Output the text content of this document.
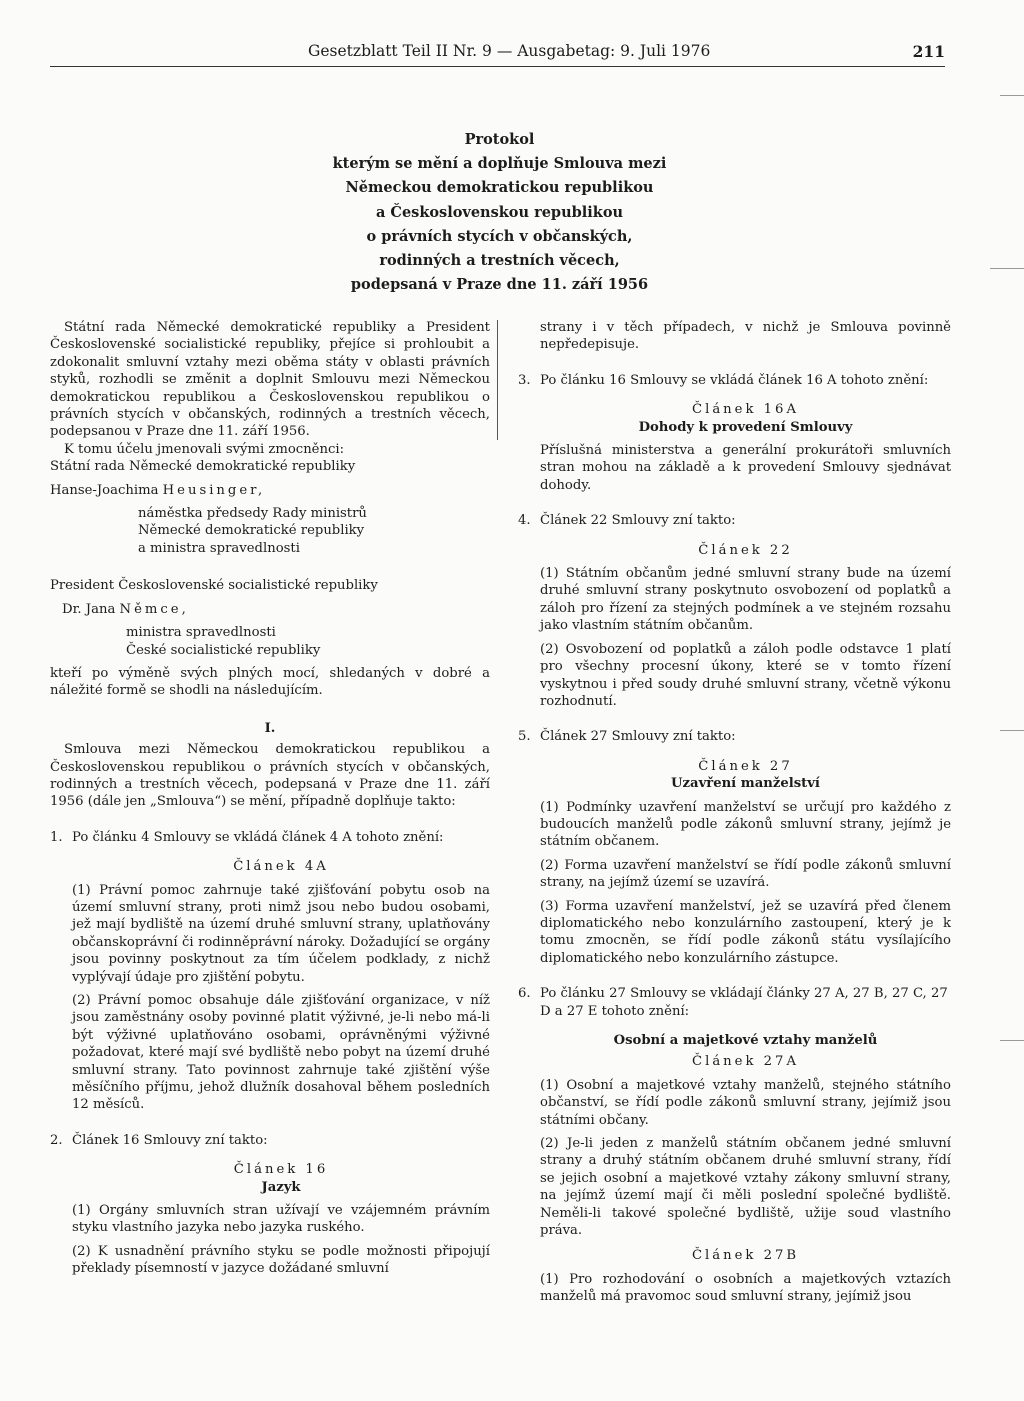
Gesetzblatt Teil II Nr. 9 — Ausgabetag: 9. Juli 1976	211
Protokol
kterým se mění a doplňuje Smlouva mezi
Německou demokratickou republikou
a Československou republikou
o právních stycích v občanských,
rodinných a trestních věcech,
podepsaná v Praze dne 11. září 1956

Státní rada Německé demokratické republiky a President Československé socialistické republiky, přejíce si prohloubit a zdokonalit smluvní vztahy mezi oběma státy v oblasti právních styků, rozhodli se změnit a doplnit Smlouvu mezi Německou demokratickou republikou a Československou republikou o právních stycích v občanských, rodinných a trestních věcech, podepsanou v Praze dne 11. září 1956.

K tomu účelu jmenovali svými zmocněnci:

Státní rada Německé demokratické republiky

Hanse-Joachima Heusinger,

náměstka předsedy Rady ministrů
Německé demokratické republiky
a ministra spravedlnosti

President Československé socialistické republiky

Dr. Jana Němce,

ministra spravedlnosti
České socialistické republiky

kteří po výměně svých plných mocí, shledaných v dobré a náležité formě se shodli na následujícím.

I.

Smlouva mezi Německou demokratickou republikou a Československou republikou o právních stycích v občanských, rodinných a trestních věcech, podepsaná v Praze dne 11. září 1956 (dále jen „Smlouva“) se mění, případně doplňuje takto:

1. Po článku 4 Smlouvy se vkládá článek 4 A tohoto znění:
Článek 4A

(1) Právní pomoc zahrnuje také zjišťování pobytu osob na území smluvní strany, proti nimž jsou nebo budou osobami, jež mají bydliště na území druhé smluvní strany, uplatňovány občanskoprávní či rodinněprávní nároky. Dožadující se orgány jsou povinny poskytnout za tím účelem podklady, z nichž vyplývají údaje pro zjištění pobytu.

(2) Právní pomoc obsahuje dále zjišťování organizace, v níž jsou zaměstnány osoby povinné platit výživné, je-li nebo má-li být výživné uplatňováno osobami, oprávněnými výživné požadovat, které mají své bydliště nebo pobyt na území druhé smluvní strany. Tato povinnost zahrnuje také zjištění výše měsíčního příjmu, jehož dlužník dosahoval během posledních 12 měsíců.

2. Článek 16 Smlouvy zní takto:
Článek 16
Jazyk

(1) Orgány smluvních stran užívají ve vzájemném právním styku vlastního jazyka nebo jazyka ruského.

(2) K usnadnění právního styku se podle možnosti připojují překlady písemností v jazyce dožádané smluvní

strany i v těch případech, v nichž je Smlouva povinně nepředepisuje.

3. Po článku 16 Smlouvy se vkládá článek 16 A tohoto znění:
Článek 16A
Dohody k provedení Smlouvy

Příslušná ministerstva a generální prokurátoři smluvních stran mohou na základě a k provedení Smlouvy sjednávat dohody.

4. Článek 22 Smlouvy zní takto:
Článek 22

(1) Státním občanům jedné smluvní strany bude na území druhé smluvní strany poskytnuto osvobození od poplatků a záloh pro řízení za stejných podmínek a ve stejném rozsahu jako vlastním státním občanům.

(2) Osvobození od poplatků a záloh podle odstavce 1 platí pro všechny procesní úkony, které se v tomto řízení vyskytnou i před soudy druhé smluvní strany, včetně výkonu rozhodnutí.

5. Článek 27 Smlouvy zní takto:
Článek 27
Uzavření manželství

(1) Podmínky uzavření manželství se určují pro každého z budoucích manželů podle zákonů smluvní strany, jejímž je státním občanem.

(2) Forma uzavření manželství se řídí podle zákonů smluvní strany, na jejímž území se uzavírá.

(3) Forma uzavření manželství, jež se uzavírá před členem diplomatického nebo konzulárního zastoupení, který je k tomu zmocněn, se řídí podle zákonů státu vysílajícího diplomatického nebo konzulárního zástupce.

6. Po článku 27 Smlouvy se vkládají články 27 A, 27 B, 27 C, 27 D a 27 E tohoto znění:
Osobní a majetkové vztahy manželů
Článek 27A

(1) Osobní a majetkové vztahy manželů, stejného státního občanství, se řídí podle zákonů smluvní strany, jejímiž jsou státními občany.

(2) Je-li jeden z manželů státním občanem jedné smluvní strany a druhý státním občanem druhé smluvní strany, řídí se jejich osobní a majetkové vztahy zákony smluvní strany, na jejímž území mají či měli poslední společné bydliště. Neměli-li takové společné bydliště, užije soud vlastního práva.

Článek 27B

(1) Pro rozhodování o osobních a majetkových vztazích manželů má pravomoc soud smluvní strany, jejímiž jsou
